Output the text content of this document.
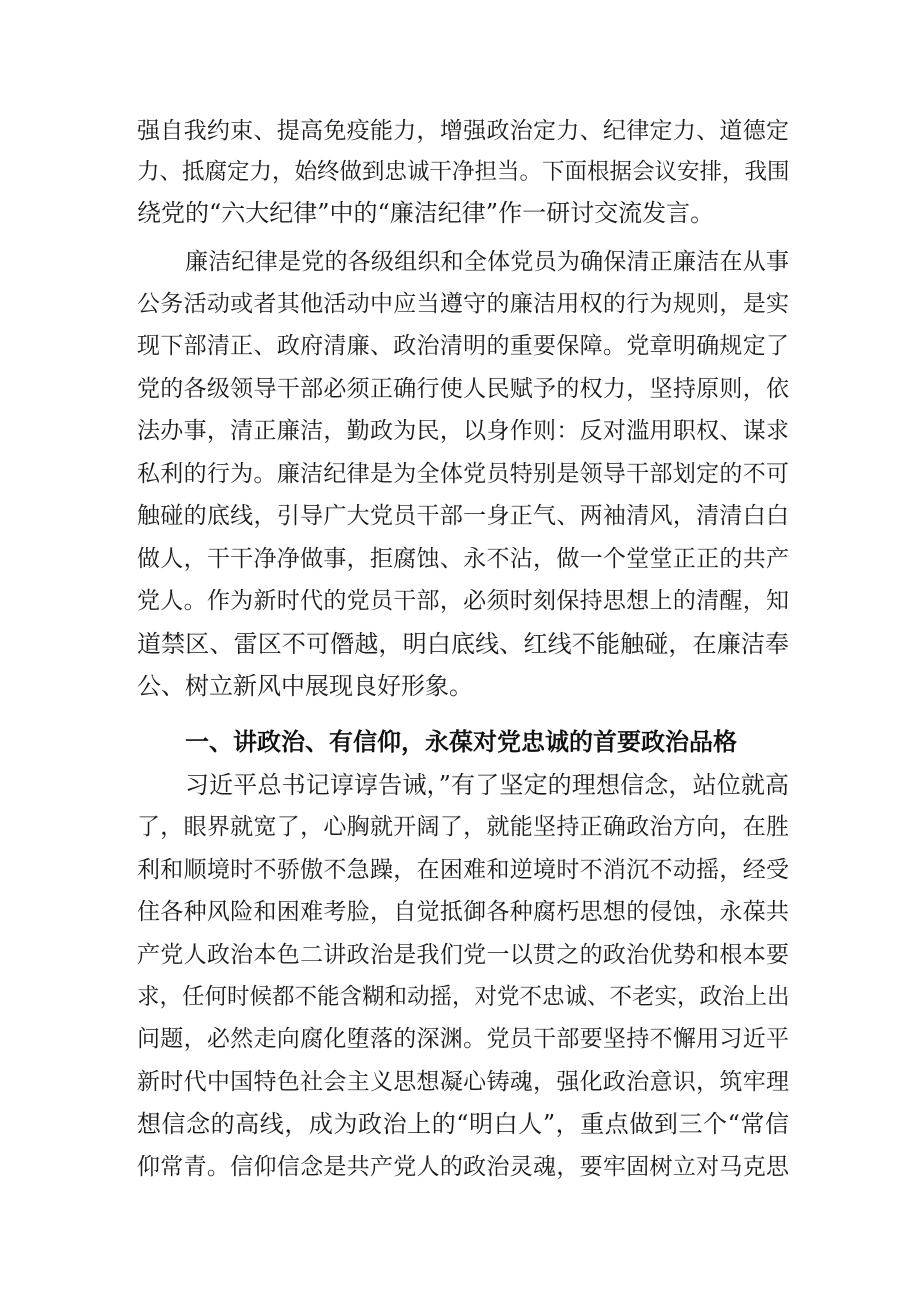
强自我约束、提高免疫能力，增强政治定力、纪律定力、道德定
力、抵腐定力，始终做到忠诚干净担当。下面根据会议安排，我围
绕党的“六大纪律”中的“廉洁纪律”作一研讨交流发言。
廉洁纪律是党的各级组织和全体党员为确保清正廉洁在从事
公务活动或者其他活动中应当遵守的廉洁用权的行为规则，是实
现下部清正、政府清廉、政治清明的重要保障。党章明确规定了
党的各级领导干部必须正确行使人民赋予的权力，坚持原则，依
法办事，清正廉洁，勤政为民，以身作则：反对滥用职权、谋求
私利的行为。廉洁纪律是为全体党员特别是领导干部划定的不可
触碰的底线，引导广大党员干部一身正气、两袖清风，清清白白
做人，干干净净做事，拒腐蚀、永不沾，做一个堂堂正正的共产
党人。作为新时代的党员干部，必须时刻保持思想上的清醒，知
道禁区、雷区不可僭越，明白底线、红线不能触碰，在廉洁奉
公、树立新风中展现良好形象。
一、讲政治、有信仰，永葆对党忠诚的首要政治品格
习近平总书记谆谆告诫，”有了坚定的理想信念，站位就高
了，眼界就宽了，心胸就开阔了，就能坚持正确政治方向，在胜
利和顺境时不骄傲不急躁，在困难和逆境时不消沉不动摇，经受
住各种风险和困难考脸，自觉抵御各种腐朽思想的侵蚀，永葆共
产党人政治本色二讲政治是我们党一以贯之的政治优势和根本要
求，任何时候都不能含糊和动摇，对党不忠诚、不老实，政治上出
问题，必然走向腐化堕落的深渊。党员干部要坚持不懈用习近平
新时代中国特色社会主义思想凝心铸魂，强化政治意识，筑牢理
想信念的高线，成为政治上的“明白人”，重点做到三个“常信
仰常青。信仰信念是共产党人的政治灵魂，要牢固树立对马克思
